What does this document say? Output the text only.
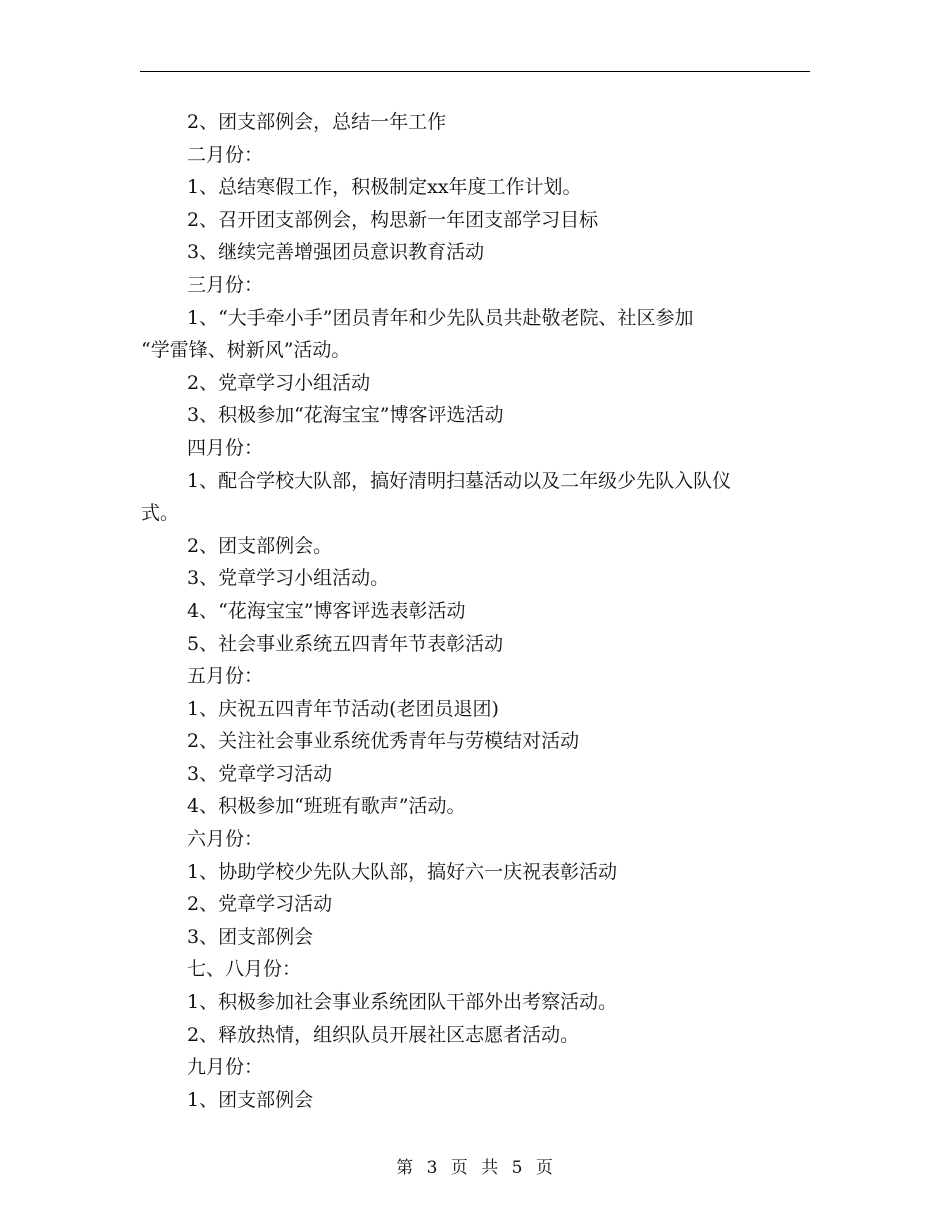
2、团支部例会，总结一年工作
二月份：
1、总结寒假工作，积极制定xx年度工作计划。
2、召开团支部例会，构思新一年团支部学习目标
3、继续完善增强团员意识教育活动
三月份：
1、“大手牵小手”团员青年和少先队员共赴敬老院、社区参加
“学雷锋、树新风”活动。
2、党章学习小组活动
3、积极参加“花海宝宝”博客评选活动
四月份：
1、配合学校大队部，搞好清明扫墓活动以及二年级少先队入队仪
式。
2、团支部例会。
3、党章学习小组活动。
4、“花海宝宝”博客评选表彰活动
5、社会事业系统五四青年节表彰活动
五月份：
1、庆祝五四青年节活动(老团员退团)
2、关注社会事业系统优秀青年与劳模结对活动
3、党章学习活动
4、积极参加“班班有歌声”活动。
六月份：
1、协助学校少先队大队部，搞好六一庆祝表彰活动
2、党章学习活动
3、团支部例会
七、八月份：
1、积极参加社会事业系统团队干部外出考察活动。
2、释放热情，组织队员开展社区志愿者活动。
九月份：
1、团支部例会
第 3 页 共 5 页
